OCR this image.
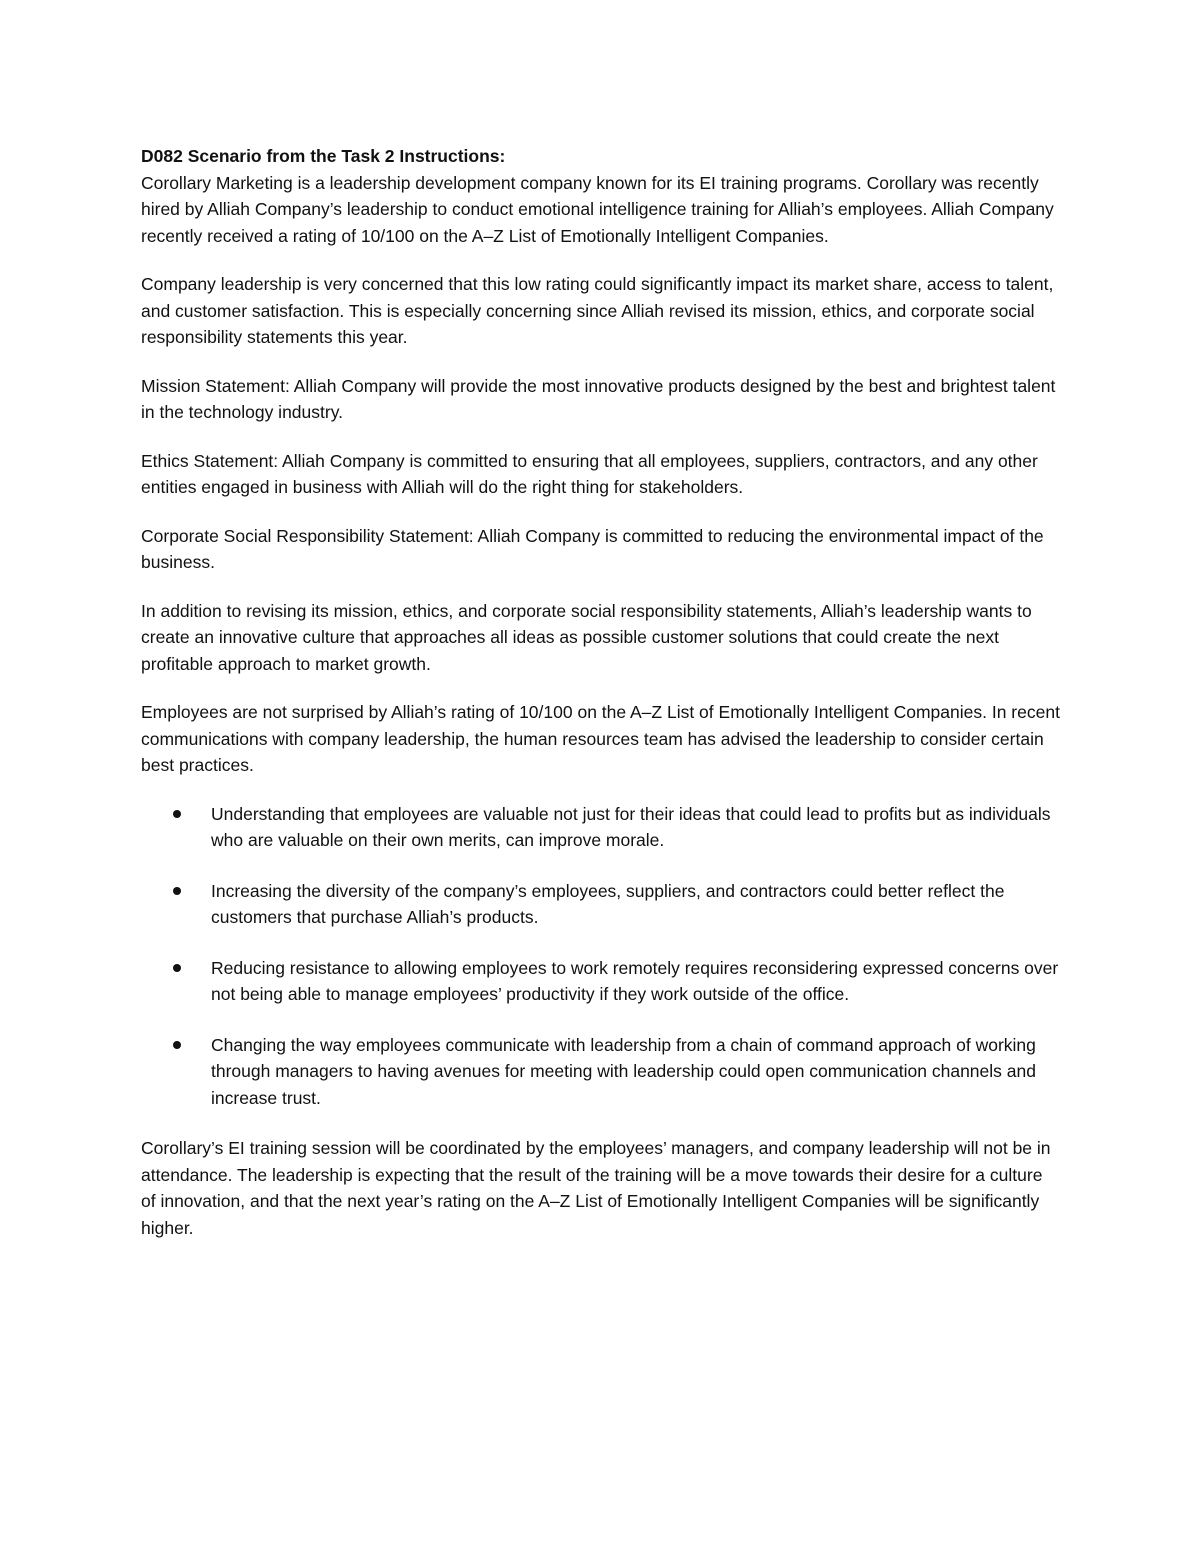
D082 Scenario from the Task 2 Instructions:
Corollary Marketing is a leadership development company known for its EI training programs. Corollary was recently hired by Alliah Company’s leadership to conduct emotional intelligence training for Alliah’s employees. Alliah Company recently received a rating of 10/100 on the A–Z List of Emotionally Intelligent Companies.

Company leadership is very concerned that this low rating could significantly impact its market share, access to talent, and customer satisfaction. This is especially concerning since Alliah revised its mission, ethics, and corporate social responsibility statements this year.

Mission Statement: Alliah Company will provide the most innovative products designed by the best and brightest talent in the technology industry.

Ethics Statement: Alliah Company is committed to ensuring that all employees, suppliers, contractors, and any other entities engaged in business with Alliah will do the right thing for stakeholders.

Corporate Social Responsibility Statement: Alliah Company is committed to reducing the environmental impact of the business.

In addition to revising its mission, ethics, and corporate social responsibility statements, Alliah’s leadership wants to create an innovative culture that approaches all ideas as possible customer solutions that could create the next profitable approach to market growth.

Employees are not surprised by Alliah’s rating of 10/100 on the A–Z List of Emotionally Intelligent Companies. In recent communications with company leadership, the human resources team has advised the leadership to consider certain best practices.

Understanding that employees are valuable not just for their ideas that could lead to profits but as individuals who are valuable on their own merits, can improve morale.
Increasing the diversity of the company’s employees, suppliers, and contractors could better reflect the customers that purchase Alliah’s products.
Reducing resistance to allowing employees to work remotely requires reconsidering expressed concerns over not being able to manage employees’ productivity if they work outside of the office.
Changing the way employees communicate with leadership from a chain of command approach of working through managers to having avenues for meeting with leadership could open communication channels and increase trust.

Corollary’s EI training session will be coordinated by the employees’ managers, and company leadership will not be in attendance. The leadership is expecting that the result of the training will be a move towards their desire for a culture of innovation, and that the next year’s rating on the A–Z List of Emotionally Intelligent Companies will be significantly higher.
